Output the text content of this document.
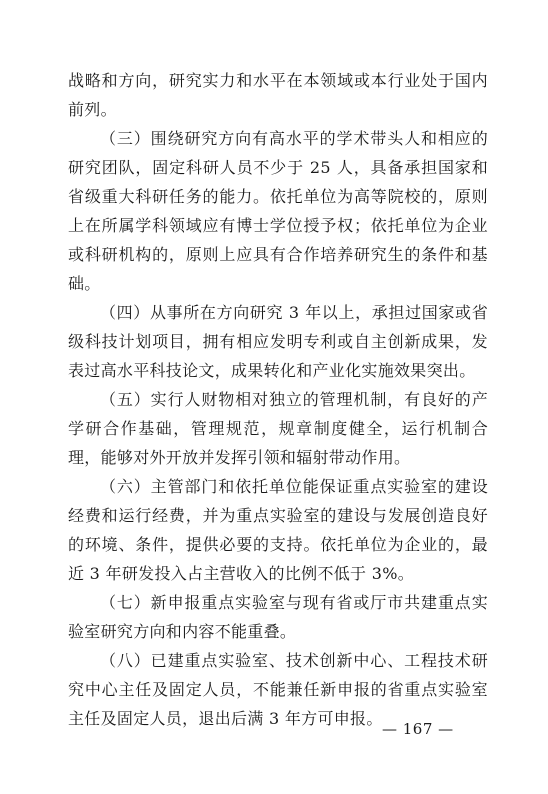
战略和方向，研究实力和水平在本领域或本行业处于国内前列。

（三）围绕研究方向有高水平的学术带头人和相应的研究团队，固定科研人员不少于 25 人，具备承担国家和省级重大科研任务的能力。依托单位为高等院校的，原则上在所属学科领域应有博士学位授予权；依托单位为企业或科研机构的，原则上应具有合作培养研究生的条件和基础。

（四）从事所在方向研究 3 年以上，承担过国家或省级科技计划项目，拥有相应发明专利或自主创新成果，发表过高水平科技论文，成果转化和产业化实施效果突出。

（五）实行人财物相对独立的管理机制，有良好的产学研合作基础，管理规范，规章制度健全，运行机制合理，能够对外开放并发挥引领和辐射带动作用。

（六）主管部门和依托单位能保证重点实验室的建设经费和运行经费，并为重点实验室的建设与发展创造良好的环境、条件，提供必要的支持。依托单位为企业的，最近 3 年研发投入占主营收入的比例不低于 3%。

（七）新申报重点实验室与现有省或厅市共建重点实验室研究方向和内容不能重叠。

（八）已建重点实验室、技术创新中心、工程技术研究中心主任及固定人员，不能兼任新申报的省重点实验室主任及固定人员，退出后满 3 年方可申报。

— 167 —
